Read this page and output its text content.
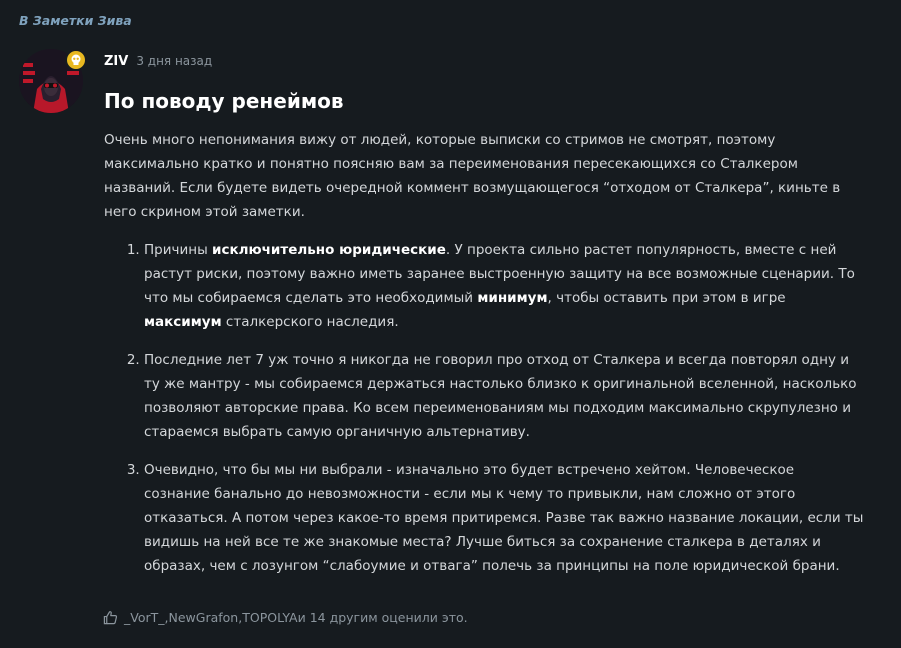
В Заметки Зива
ZIV 3 дня назад
По поводу ренеймов

Очень много непонимания вижу от людей, которые выписки со стримов не смотрят, поэтому максимально кратко и понятно поясняю вам за переименования пересекающихся со Сталкером названий. Если будете видеть очередной коммент возмущающегося “отходом от Сталкера”, киньте в него скрином этой заметки.

1. Причины исключительно юридические. У проекта сильно растет популярность, вместе с ней растут риски, поэтому важно иметь заранее выстроенную защиту на все возможные сценарии. То что мы собираемся сделать это необходимый минимум, чтобы оставить при этом в игре максимум сталкерского наследия.
2. Последние лет 7 уж точно я никогда не говорил про отход от Сталкера и всегда повторял одну и ту же мантру - мы собираемся держаться настолько близко к оригинальной вселенной, насколько позволяют авторские права. Ко всем переименованиям мы подходим максимально скрупулезно и стараемся выбрать самую органичную альтернативу.
3. Очевидно, что бы мы ни выбрали - изначально это будет встречено хейтом. Человеческое сознание банально до невозможности - если мы к чему то привыкли, нам сложно от этого отказаться. А потом через какое-то время притиремся. Разве так важно название локации, если ты видишь на ней все те же знакомые места? Лучше биться за сохранение сталкера в деталях и образах, чем с лозунгом “слабоумие и отвага” полечь за принципы на поле юридической брани.
_VorT_ , NewGrafon , TOPOLYA и 14 другим оценили это.
